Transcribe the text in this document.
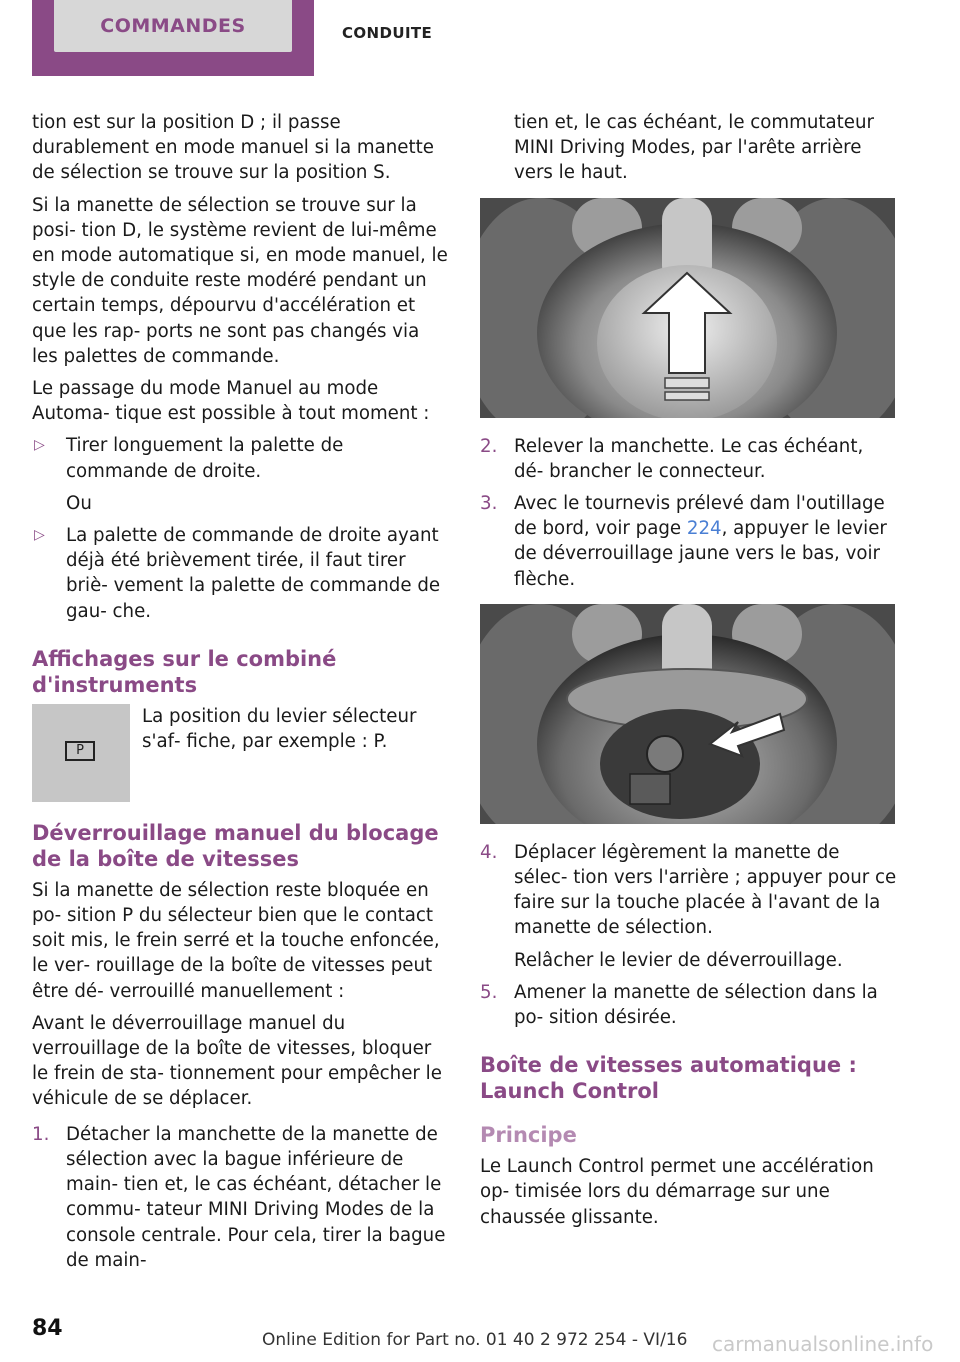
COMMANDES	CONDUITE

tion est sur la position D ; il passe durablement en mode manuel si la manette de sélection se trouve sur la position S.

Si la manette de sélection se trouve sur la posi‐ tion D, le système revient de lui-même en mode automatique si, en mode manuel, le style de conduite reste modéré pendant un certain temps, dépourvu d'accélération et que les rap‐ ports ne sont pas changés via les palettes de commande.

Le passage du mode Manuel au mode Automa‐ tique est possible à tout moment :

▷ Tirer longuement la palette de commande de droite.
Ou
▷ La palette de commande de droite ayant déjà été brièvement tirée, il faut tirer briè‐ vement la palette de commande de gau‐ che.
Affichages sur le combiné d'instruments
P
La position du levier sélecteur s'af‐ fiche, par exemple : P.
Déverrouillage manuel du blocage de la boîte de vitesses

Si la manette de sélection reste bloquée en po‐ sition P du sélecteur bien que le contact soit mis, le frein serré et la touche enfoncée, le ver‐ rouillage de la boîte de vitesses peut être dé‐ verrouillé manuellement :

Avant le déverrouillage manuel du verrouillage de la boîte de vitesses, bloquer le frein de sta‐ tionnement pour empêcher le véhicule de se déplacer.

1. Détacher la manchette de la manette de sélection avec la bague inférieure de main‐ tien et, le cas échéant, détacher le commu‐ tateur MINI Driving Modes de la console centrale. Pour cela, tirer la bague de main‐
tien et, le cas échéant, le commutateur MINI Driving Modes, par l'arête arrière vers le haut.
2. Relever la manchette. Le cas échéant, dé‐ brancher le connecteur.
3. Avec le tournevis prélevé dam l'outillage de bord, voir page 224, appuyer le levier de déverrouillage jaune vers le bas, voir flèche.
4. Déplacer légèrement la manette de sélec‐ tion vers l'arrière ; appuyer pour ce faire sur la touche placée à l'avant de la manette de sélection.
Relâcher le levier de déverrouillage.
5. Amener la manette de sélection dans la po‐ sition désirée.
Boîte de vitesses automatique : Launch Control
Principe

Le Launch Control permet une accélération op‐ timisée lors du démarrage sur une chaussée glissante.

84	Online Edition for Part no. 01 40 2 972 254 - VI/16 carmanualsonline.info
